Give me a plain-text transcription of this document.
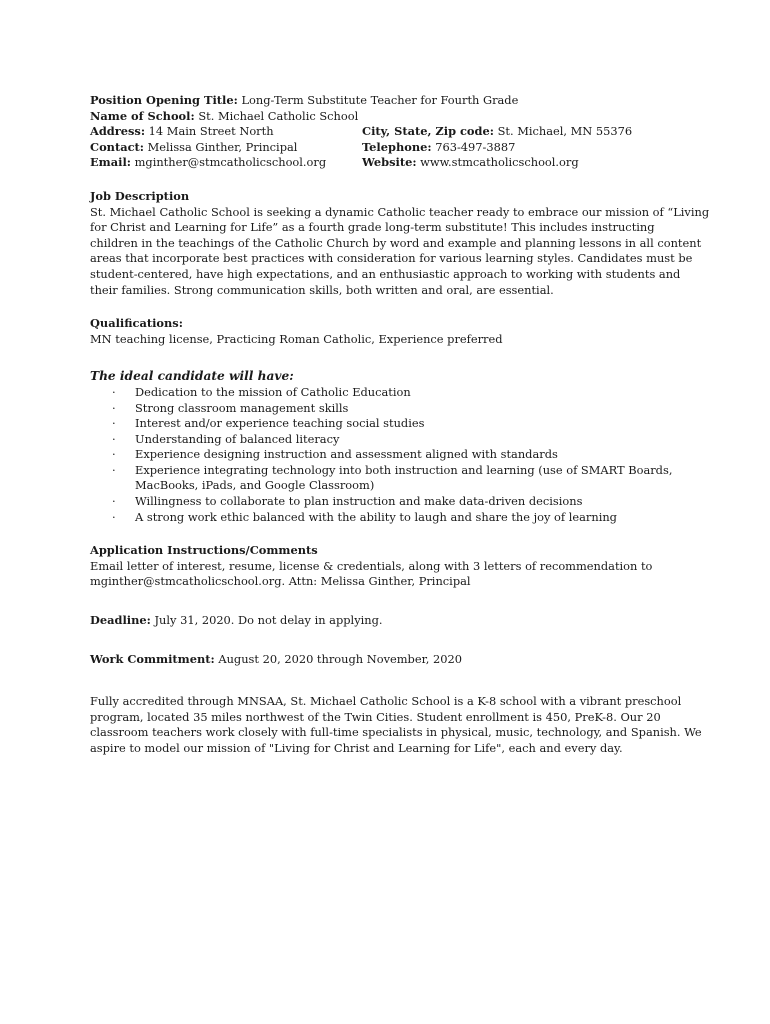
Position Opening Title: Long-Term Substitute Teacher for Fourth Grade
Name of School: St. Michael Catholic School
Address: 14 Main Street North	City, State, Zip code: St. Michael, MN 55376
Contact: Melissa Ginther, Principal	Telephone: 763-497-3887
Email: mginther@stmcatholicschool.org	Website: www.stmcatholicschool.org
Job Description
St. Michael Catholic School is seeking a dynamic Catholic teacher ready to embrace our mission of “Living
for Christ and Learning for Life” as a fourth grade long-term substitute! This includes instructing
children in the teachings of the Catholic Church by word and example and planning lessons in all content
areas that incorporate best practices with consideration for various learning styles. Candidates must be
student-centered, have high expectations, and an enthusiastic approach to working with students and
their families. Strong communication skills, both written and oral, are essential.
Qualifications:
MN teaching license, Practicing Roman Catholic, Experience preferred
The ideal candidate will have:
· Dedication to the mission of Catholic Education
· Strong classroom management skills
· Interest and/or experience teaching social studies
· Understanding of balanced literacy
· Experience designing instruction and assessment aligned with standards
· Experience integrating technology into both instruction and learning (use of SMART Boards,
MacBooks, iPads, and Google Classroom)
· Willingness to collaborate to plan instruction and make data-driven decisions
· A strong work ethic balanced with the ability to laugh and share the joy of learning
Application Instructions/Comments
Email letter of interest, resume, license & credentials, along with 3 letters of recommendation to
mginther@stmcatholicschool.org. Attn: Melissa Ginther, Principal
Deadline: July 31, 2020. Do not delay in applying.
Work Commitment: August 20, 2020 through November, 2020
Fully accredited through MNSAA, St. Michael Catholic School is a K-8 school with a vibrant preschool
program, located 35 miles northwest of the Twin Cities. Student enrollment is 450, PreK-8. Our 20
classroom teachers work closely with full-time specialists in physical, music, technology, and Spanish. We
aspire to model our mission of "Living for Christ and Learning for Life", each and every day.
